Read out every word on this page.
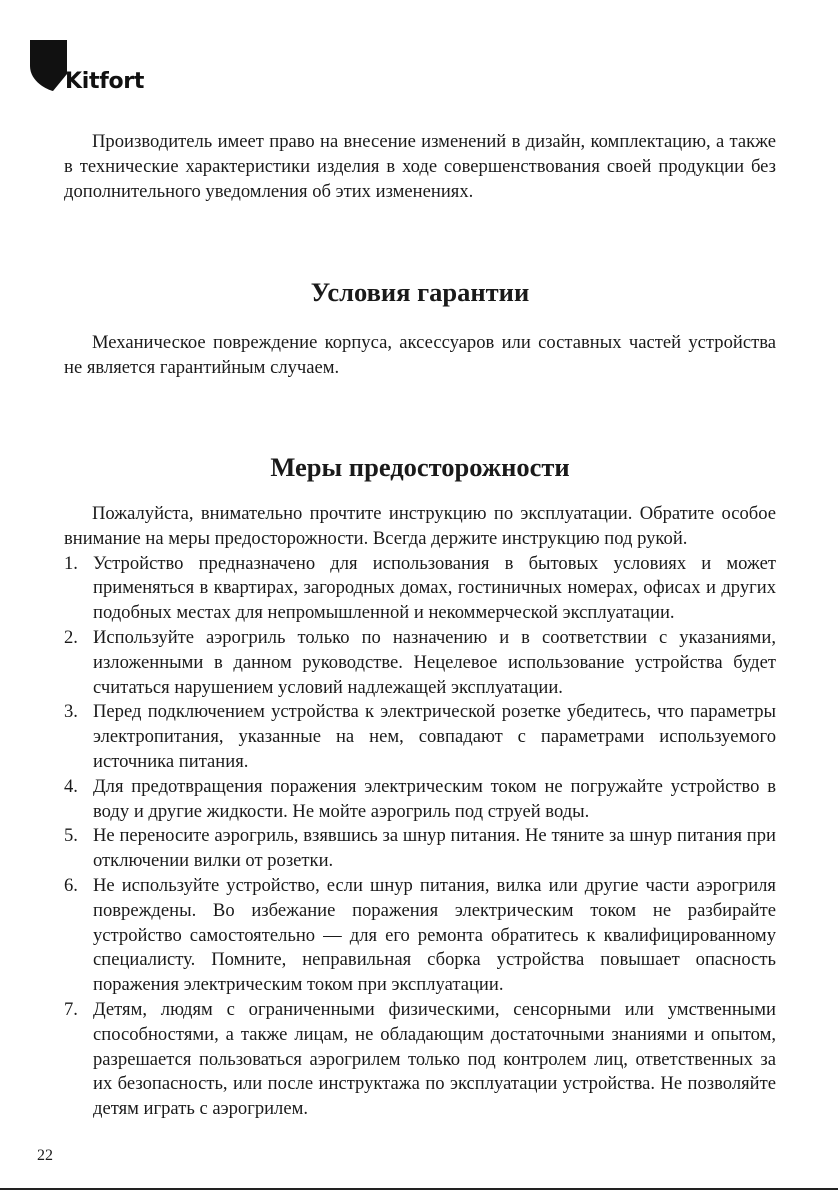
Kitfort

Производитель имеет право на внесение изменений в дизайн, комплектацию, а также в технические характеристики изделия в ходе совершенствования своей продукции без дополнительного уведомления об этих изменениях.

Условия гарантии

Механическое повреждение корпуса, аксессуаров или составных частей устройства не является гарантийным случаем.

Меры предосторожности

Пожалуйста, внимательно прочтите инструкцию по эксплуатации. Обратите особое внимание на меры предосторожности. Всегда держите инструкцию под рукой.

1. Устройство предназначено для использования в бытовых условиях и может применяться в квартирах, загородных домах, гостиничных номерах, офисах и других подобных местах для непромышленной и некоммерческой эксплуатации.
2. Используйте аэрогриль только по назначению и в соответствии с указаниями, изложенными в данном руководстве. Нецелевое использование устройства будет считаться нарушением условий надлежащей эксплуатации.
3. Перед подключением устройства к электрической розетке убедитесь, что параметры электропитания, указанные на нем, совпадают с параметрами используемого источника питания.
4. Для предотвращения поражения электрическим током не погружайте устройство в воду и другие жидкости. Не мойте аэрогриль под струей воды.
5. Не переносите аэрогриль, взявшись за шнур питания. Не тяните за шнур питания при отключении вилки от розетки.
6. Не используйте устройство, если шнур питания, вилка или другие части аэрогриля повреждены. Во избежание поражения электрическим током не разбирайте устройство самостоятельно — для его ремонта обратитесь к квалифицированному специалисту. Помните, неправильная сборка устройства повышает опасность поражения электрическим током при эксплуатации.
7. Детям, людям с ограниченными физическими, сенсорными или умственными способностями, а также лицам, не обладающим достаточными знаниями и опытом, разрешается пользоваться аэрогрилем только под контролем лиц, ответственных за их безопасность, или после инструктажа по эксплуатации устройства. Не позволяйте детям играть с аэрогрилем.
22
